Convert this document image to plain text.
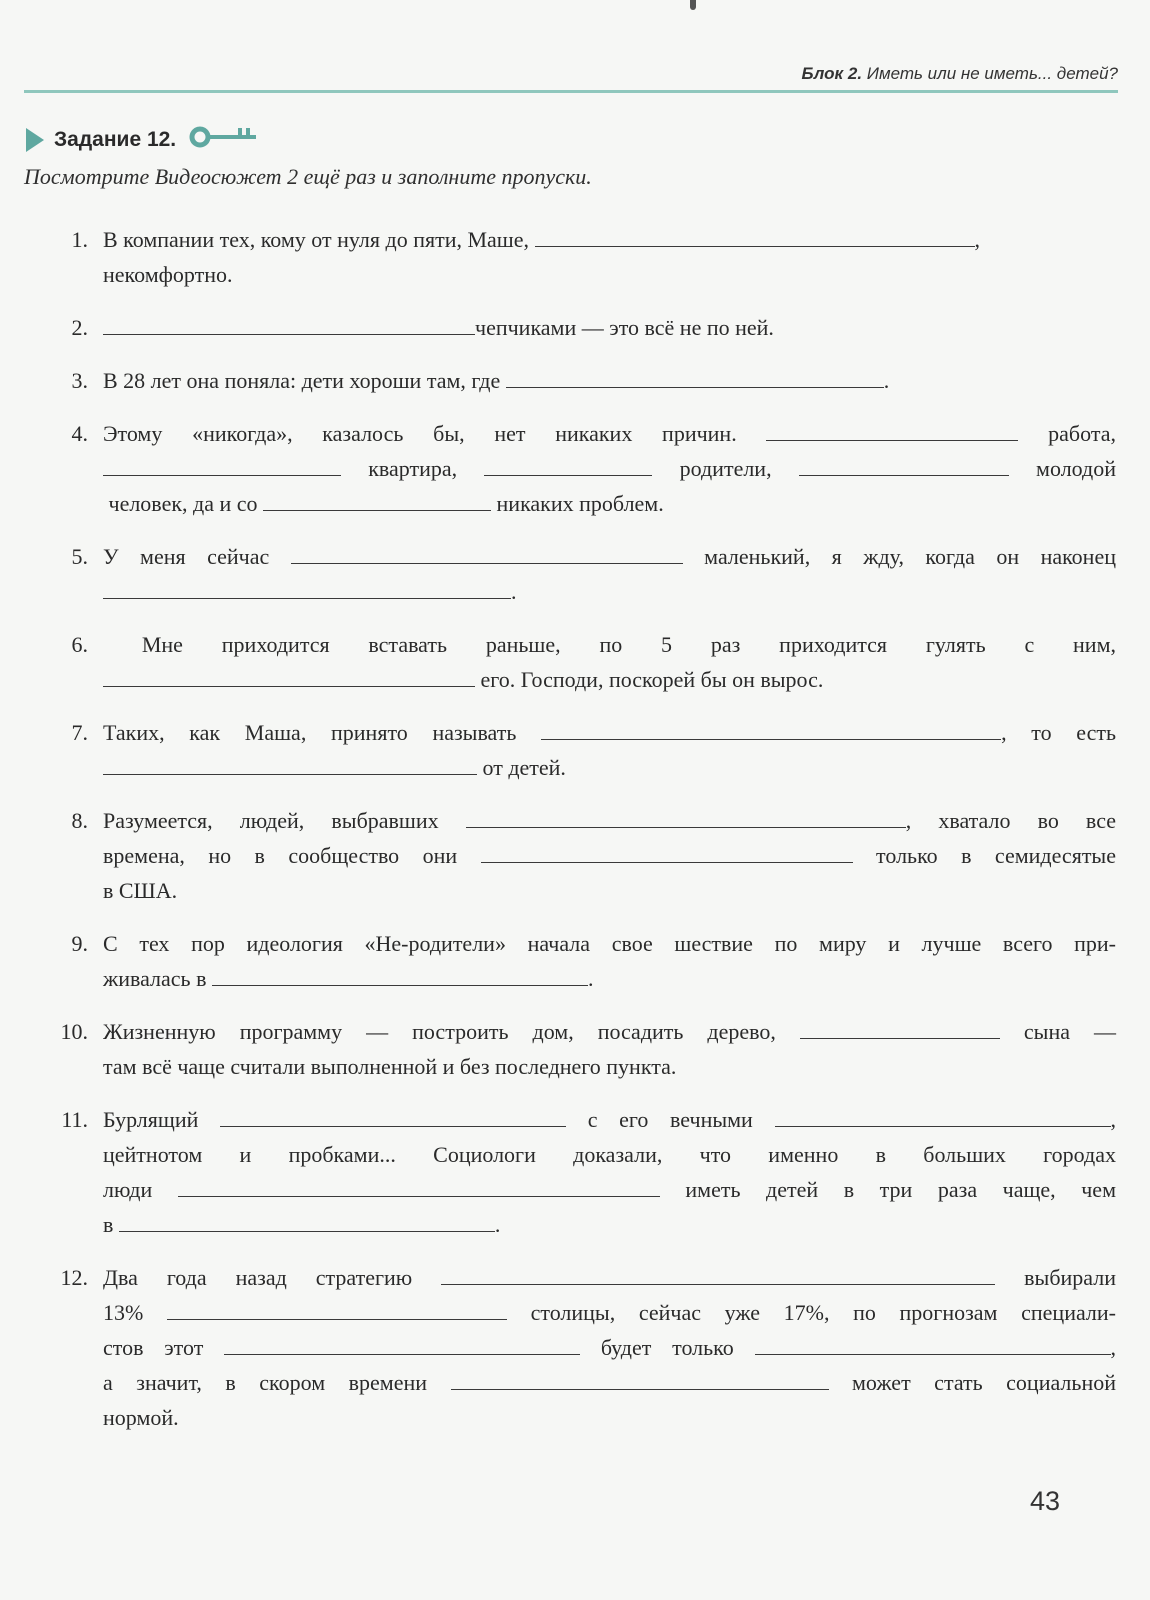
Блок 2. Иметь или не иметь... детей?
Задание 12.
Посмотрите Видеосюжет 2 ещё раз и заполните пропуски.
1. В компании тех, кому от нуля до пяти, Маше,	,
некомфортно.
2.	чепчиками — это всё не по ней.
3. В 28 лет она поняла: дети хороши там, где	.
4. Этому «никогда», казалось бы, нет никаких причин.	работа,
квартира,	родители,	молодой
человек, да и со	никаких проблем.
5. У меня сейчас	маленький, я жду, когда он наконец
.
6.	Мне приходится вставать раньше, по 5 раз приходится гулять с ним,
его. Господи, поскорей бы он вырос.
7. Таких, как Маша, принято называть	, то есть
от детей.
8. Разумеется, людей, выбравших	, хватало во все
времена, но в сообщество они	только в семидесятые
в США.
9. С тех пор идеология «Не-родители» начала свое шествие по миру и лучше всего при-
живалась в	.
10. Жизненную программу — построить дом, посадить дерево,	сына —
там всё чаще считали выполненной и без последнего пункта.
11. Бурлящий	с его вечными	,
цейтнотом и пробками... Социологи доказали, что именно в больших городах
люди	иметь детей в три раза чаще, чем
в	.
12. Два года назад стратегию	выбирали
13%	столицы, сейчас уже 17%, по прогнозам специали-
стов этот	будет только	,
а значит, в скором времени	может стать социальной
нормой.
43
